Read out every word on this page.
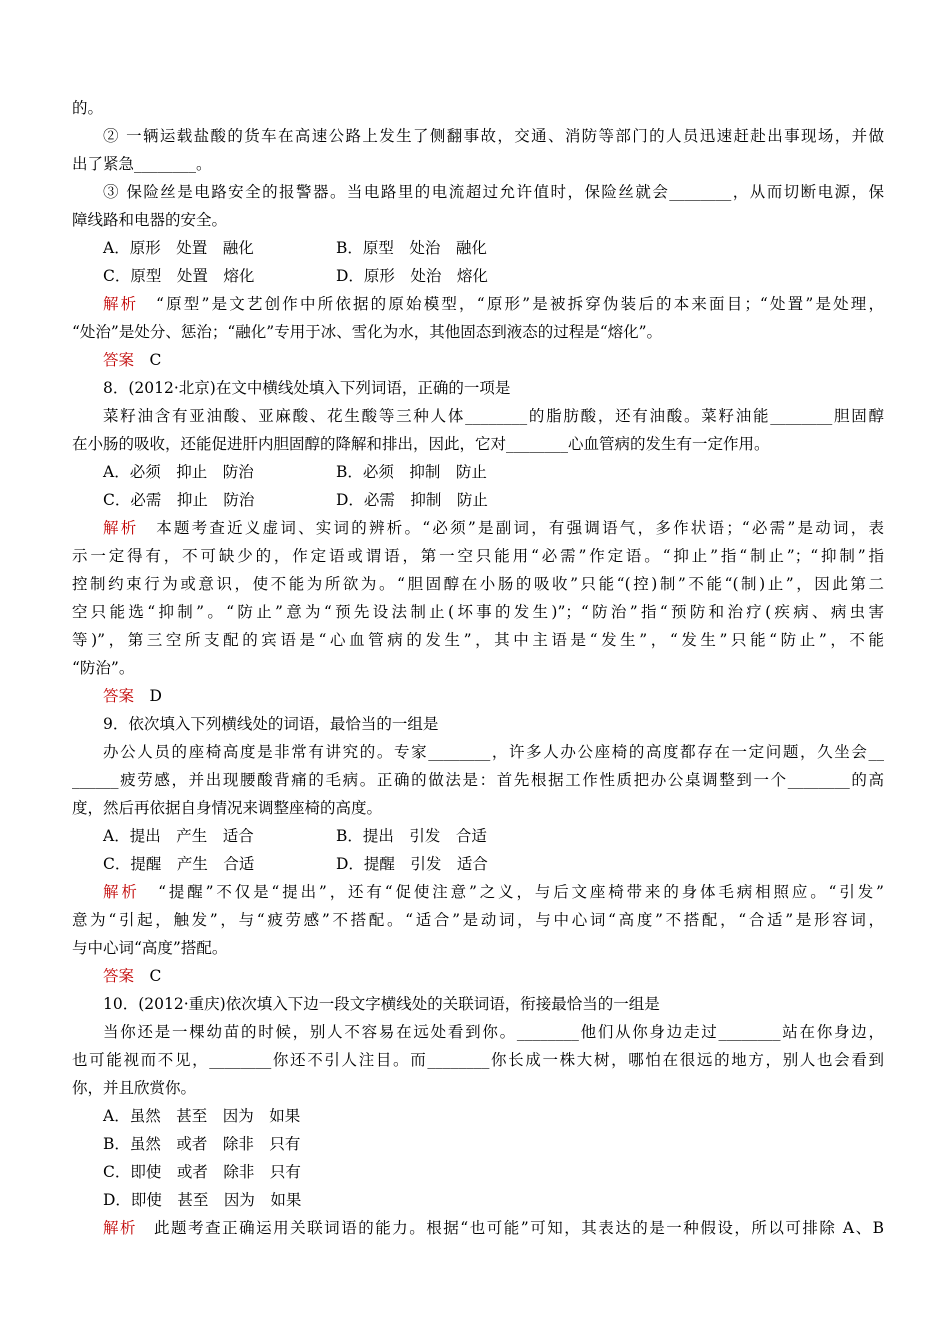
的。
② 一辆运载盐酸的货车在高速公路上发生了侧翻事故，交通、消防等部门的人员迅速赶赴出事现场，并做
出了紧急________。
③ 保险丝是电路安全的报警器。当电路里的电流超过允许值时，保险丝就会________，从而切断电源，保
障线路和电器的安全。
A．原形　处置　融化	B．原型　处治　融化
C．原型　处置　熔化	D．原形　处治　熔化
解析　“原型”是文艺创作中所依据的原始模型，“原形”是被拆穿伪装后的本来面目；“处置”是处理，
“处治”是处分、惩治；“融化”专用于冰、雪化为水，其他固态到液态的过程是“熔化”。
答案　C
8．(2012·北京)在文中横线处填入下列词语，正确的一项是
菜籽油含有亚油酸、亚麻酸、花生酸等三种人体________的脂肪酸，还有油酸。菜籽油能________胆固醇
在小肠的吸收，还能促进肝内胆固醇的降解和排出，因此，它对________心血管病的发生有一定作用。
A．必须　抑止　防治	B．必须　抑制　防止
C．必需　抑止　防治	D．必需　抑制　防止
解析　本题考查近义虚词、实词的辨析。“必须”是副词，有强调语气，多作状语；“必需”是动词，表
示一定得有，不可缺少的，作定语或谓语，第一空只能用“必需”作定语。“抑止”指“制止”；“抑制”指
控制约束行为或意识，使不能为所欲为。“胆固醇在小肠的吸收”只能“(控)制”不能“(制)止”，因此第二
空只能选“抑制”。“防止”意为“预先设法制止(坏事的发生)”；“防治”指“预防和治疗(疾病、病虫害
等)”，第三空所支配的宾语是“心血管病的发生”，其中主语是“发生”，“发生”只能“防止”，不能
“防治”。
答案　D
9．依次填入下列横线处的词语，最恰当的一组是
办公人员的座椅高度是非常有讲究的。专家________，许多人办公座椅的高度都存在一定问题，久坐会__
______疲劳感，并出现腰酸背痛的毛病。正确的做法是：首先根据工作性质把办公桌调整到一个________的高
度，然后再依据自身情况来调整座椅的高度。
A．提出　产生　适合	B．提出　引发　合适
C．提醒　产生　合适	D．提醒　引发　适合
解析　“提醒”不仅是“提出”，还有“促使注意”之义，与后文座椅带来的身体毛病相照应。“引发”
意为“引起，触发”，与“疲劳感”不搭配。“适合”是动词，与中心词“高度”不搭配，“合适”是形容词，
与中心词“高度”搭配。
答案　C
10．(2012·重庆)依次填入下边一段文字横线处的关联词语，衔接最恰当的一组是
当你还是一棵幼苗的时候，别人不容易在远处看到你。________他们从你身边走过________站在你身边，
也可能视而不见，________你还不引人注目。而________你长成一株大树，哪怕在很远的地方，别人也会看到
你，并且欣赏你。
A．虽然　甚至　因为　如果
B．虽然　或者　除非　只有
C．即使　或者　除非　只有
D．即使　甚至　因为　如果
解析　此题考查正确运用关联词语的能力。根据“也可能”可知，其表达的是一种假设，所以可排除 A、B
